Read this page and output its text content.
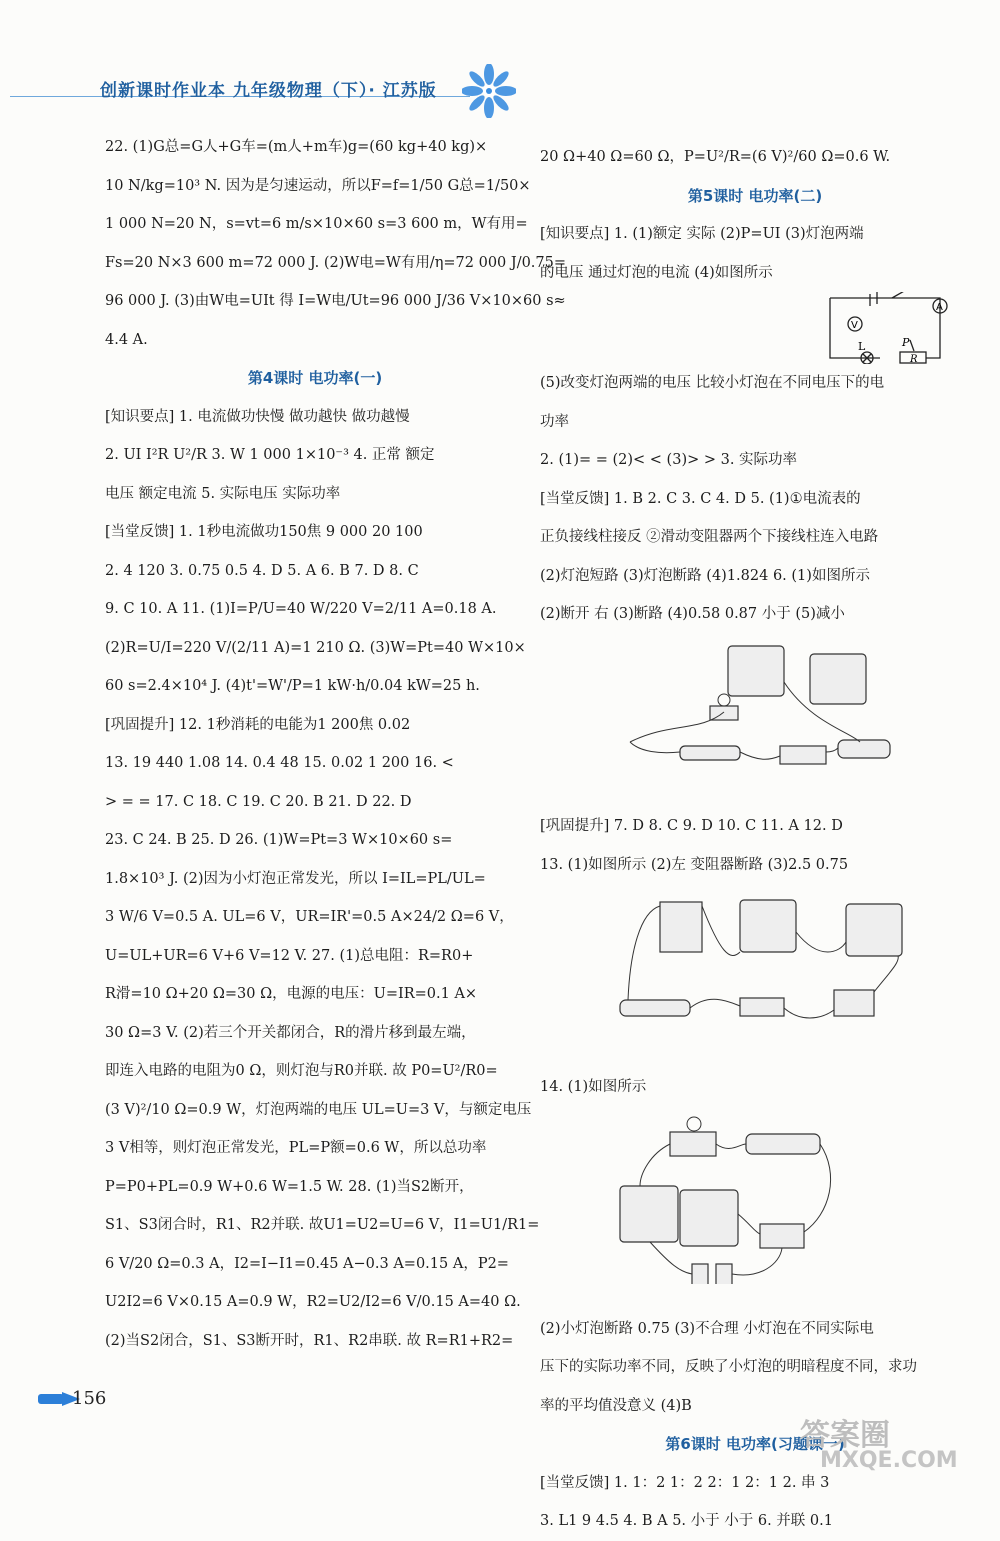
创新课时作业本 九年级物理（下）· 江苏版

22. (1)G总=G人+G车=(m人+m车)g=(60 kg+40 kg)×

10 N/kg=10³ N. 因为是匀速运动，所以F=f=1/50 G总=1/50×

1 000 N=20 N，s=vt=6 m/s×10×60 s=3 600 m，W有用=

Fs=20 N×3 600 m=72 000 J. (2)W电=W有用/η=72 000 J/0.75=

96 000 J. (3)由W电=UIt 得 I=W电/Ut=96 000 J/36 V×10×60 s≈

4.4 A.

第4课时 电功率(一)

[知识要点] 1. 电流做功快慢 做功越快 做功越慢

2. UI I²R U²/R 3. W 1 000 1×10⁻³ 4. 正常 额定

电压 额定电流 5. 实际电压 实际功率

[当堂反馈] 1. 1秒电流做功150焦 9 000 20 100

2. 4 120 3. 0.75 0.5 4. D 5. A 6. B 7. D 8. C

9. C 10. A 11. (1)I=P/U=40 W/220 V=2/11 A=0.18 A.

(2)R=U/I=220 V/(2/11 A)=1 210 Ω. (3)W=Pt=40 W×10×

60 s=2.4×10⁴ J. (4)t'=W'/P=1 kW·h/0.04 kW=25 h.

[巩固提升] 12. 1秒消耗的电能为1 200焦 0.02

13. 19 440 1.08 14. 0.4 48 15. 0.02 1 200 16. <

> = = 17. C 18. C 19. C 20. B 21. D 22. D

23. C 24. B 25. D 26. (1)W=Pt=3 W×10×60 s=

1.8×10³ J. (2)因为小灯泡正常发光，所以 I=IL=PL/UL=

3 W/6 V=0.5 A. UL=6 V，UR=IR'=0.5 A×24/2 Ω=6 V，

U=UL+UR=6 V+6 V=12 V. 27. (1)总电阻：R=R0+

R滑=10 Ω+20 Ω=30 Ω，电源的电压：U=IR=0.1 A×

30 Ω=3 V. (2)若三个开关都闭合，R的滑片移到最左端，

即连入电路的电阻为0 Ω，则灯泡与R0并联. 故 P0=U²/R0=

(3 V)²/10 Ω=0.9 W，灯泡两端的电压 UL=U=3 V，与额定电压

3 V相等，则灯泡正常发光，PL=P额=0.6 W，所以总功率

P=P0+PL=0.9 W+0.6 W=1.5 W. 28. (1)当S2断开，

S1、S3闭合时，R1、R2并联. 故U1=U2=U=6 V，I1=U1/R1=

6 V/20 Ω=0.3 A，I2=I−I1=0.45 A−0.3 A=0.15 A，P2=

U2I2=6 V×0.15 A=0.9 W，R2=U2/I2=6 V/0.15 A=40 Ω.

(2)当S2闭合，S1、S3断开时，R1、R2串联. 故 R=R1+R2=

20 Ω+40 Ω=60 Ω，P=U²/R=(6 V)²/60 Ω=0.6 W.

第5课时 电功率(二)

[知识要点] 1. (1)额定 实际 (2)P=UI (3)灯泡两端

的电压 通过灯泡的电流 (4)如图所示

V
A
L	P
R

(5)改变灯泡两端的电压 比较小灯泡在不同电压下的电

功率

2. (1)= = (2)< < (3)> > 3. 实际功率

[当堂反馈] 1. B 2. C 3. C 4. D 5. (1)①电流表的

正负接线柱接反 ②滑动变阻器两个下接线柱连入电路

(2)灯泡短路 (3)灯泡断路 (4)1.824 6. (1)如图所示

(2)断开 右 (3)断路 (4)0.58 0.87 小于 (5)减小

[巩固提升] 7. D 8. C 9. D 10. C 11. A 12. D

13. (1)如图所示 (2)左 变阻器断路 (3)2.5 0.75

14. (1)如图所示

(2)小灯泡断路 0.75 (3)不合理 小灯泡在不同实际电

压下的实际功率不同，反映了小灯泡的明暗程度不同，求功

率的平均值没意义 (4)B

第6课时 电功率(习题课一)

[当堂反馈] 1. 1：2 1：2 2：1 2：1 2. 串 3

3. L1 9 4.5 4. B A 5. 小于 小于 6. 并联 0.1

156
答案圈
MXQE.COM
